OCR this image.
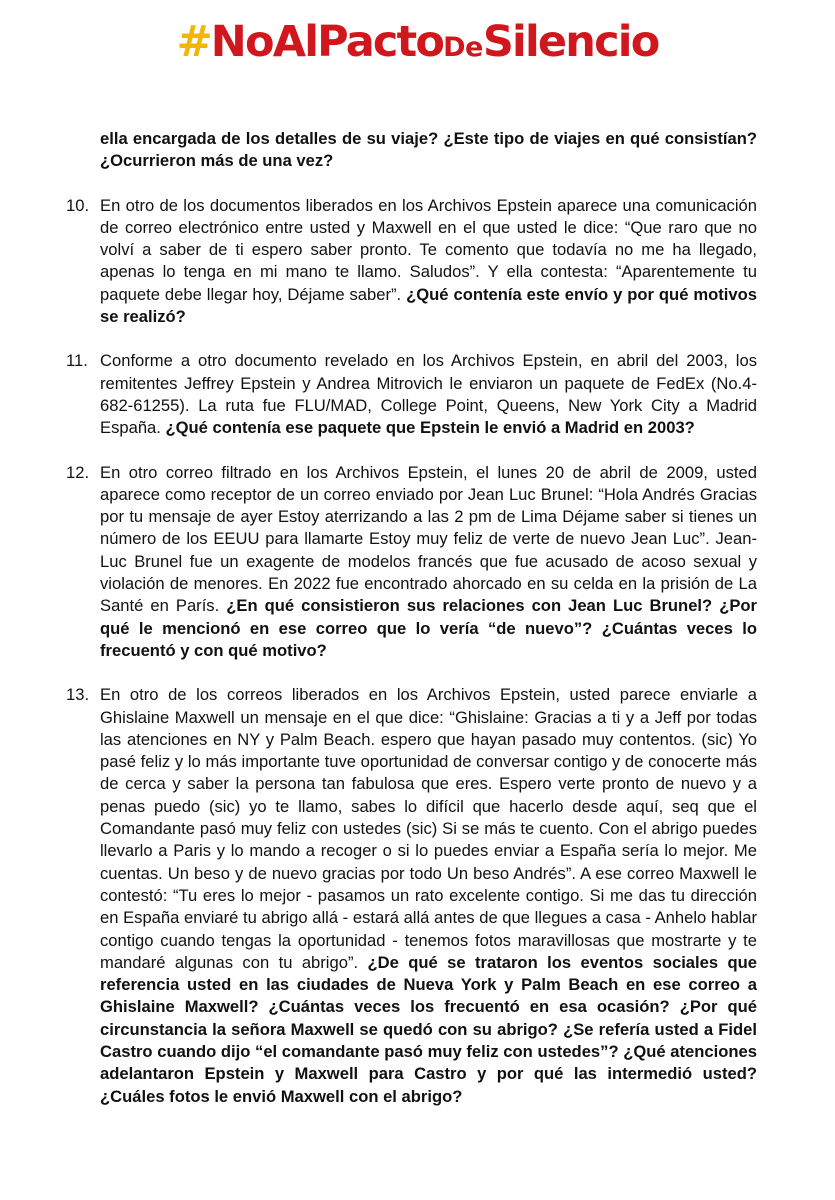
#NoAlPactoDeSilencio

ella encargada de los detalles de su viaje? ¿Este tipo de viajes en qué consistían? ¿Ocurrieron más de una vez?

10. En otro de los documentos liberados en los Archivos Epstein aparece una comunicación de correo electrónico entre usted y Maxwell en el que usted le dice: “Que raro que no volví a saber de ti espero saber pronto. Te comento que todavía no me ha llegado, apenas lo tenga en mi mano te llamo. Saludos”. Y ella contesta: “Aparentemente tu paquete debe llegar hoy, Déjame saber”. ¿Qué contenía este envío y por qué motivos se realizó?

11. Conforme a otro documento revelado en los Archivos Epstein, en abril del 2003, los remitentes Jeffrey Epstein y Andrea Mitrovich le enviaron un paquete de FedEx (No.4-682-61255). La ruta fue FLU/MAD, College Point, Queens, New York City a Madrid España. ¿Qué contenía ese paquete que Epstein le envió a Madrid en 2003?

12. En otro correo filtrado en los Archivos Epstein, el lunes 20 de abril de 2009, usted aparece como receptor de un correo enviado por Jean Luc Brunel: “Hola Andrés Gracias por tu mensaje de ayer Estoy aterrizando a las 2 pm de Lima Déjame saber si tienes un número de los EEUU para llamarte Estoy muy feliz de verte de nuevo Jean Luc”. Jean-Luc Brunel fue un exagente de modelos francés que fue acusado de acoso sexual y violación de menores. En 2022 fue encontrado ahorcado en su celda en la prisión de La Santé en París. ¿En qué consistieron sus relaciones con Jean Luc Brunel? ¿Por qué le mencionó en ese correo que lo vería “de nuevo”? ¿Cuántas veces lo frecuentó y con qué motivo?

13. En otro de los correos liberados en los Archivos Epstein, usted parece enviarle a Ghislaine Maxwell un mensaje en el que dice: “Ghislaine: Gracias a ti y a Jeff por todas las atenciones en NY y Palm Beach. espero que hayan pasado muy contentos. (sic) Yo pasé feliz y lo más importante tuve oportunidad de conversar contigo y de conocerte más de cerca y saber la persona tan fabulosa que eres. Espero verte pronto de nuevo y a penas puedo (sic) yo te llamo, sabes lo difícil que hacerlo desde aquí, seq que el Comandante pasó muy feliz con ustedes (sic) Si se más te cuento. Con el abrigo puedes llevarlo a Paris y lo mando a recoger o si lo puedes enviar a España sería lo mejor. Me cuentas. Un beso y de nuevo gracias por todo Un beso Andrés”. A ese correo Maxwell le contestó: “Tu eres lo mejor - pasamos un rato excelente contigo. Si me das tu dirección en España enviaré tu abrigo allá - estará allá antes de que llegues a casa - Anhelo hablar contigo cuando tengas la oportunidad - tenemos fotos maravillosas que mostrarte y te mandaré algunas con tu abrigo”. ¿De qué se trataron los eventos sociales que referencia usted en las ciudades de Nueva York y Palm Beach en ese correo a Ghislaine Maxwell? ¿Cuántas veces los frecuentó en esa ocasión? ¿Por qué circunstancia la señora Maxwell se quedó con su abrigo? ¿Se refería usted a Fidel Castro cuando dijo “el comandante pasó muy feliz con ustedes”? ¿Qué atenciones adelantaron Epstein y Maxwell para Castro y por qué las intermedió usted? ¿Cuáles fotos le envió Maxwell con el abrigo?
